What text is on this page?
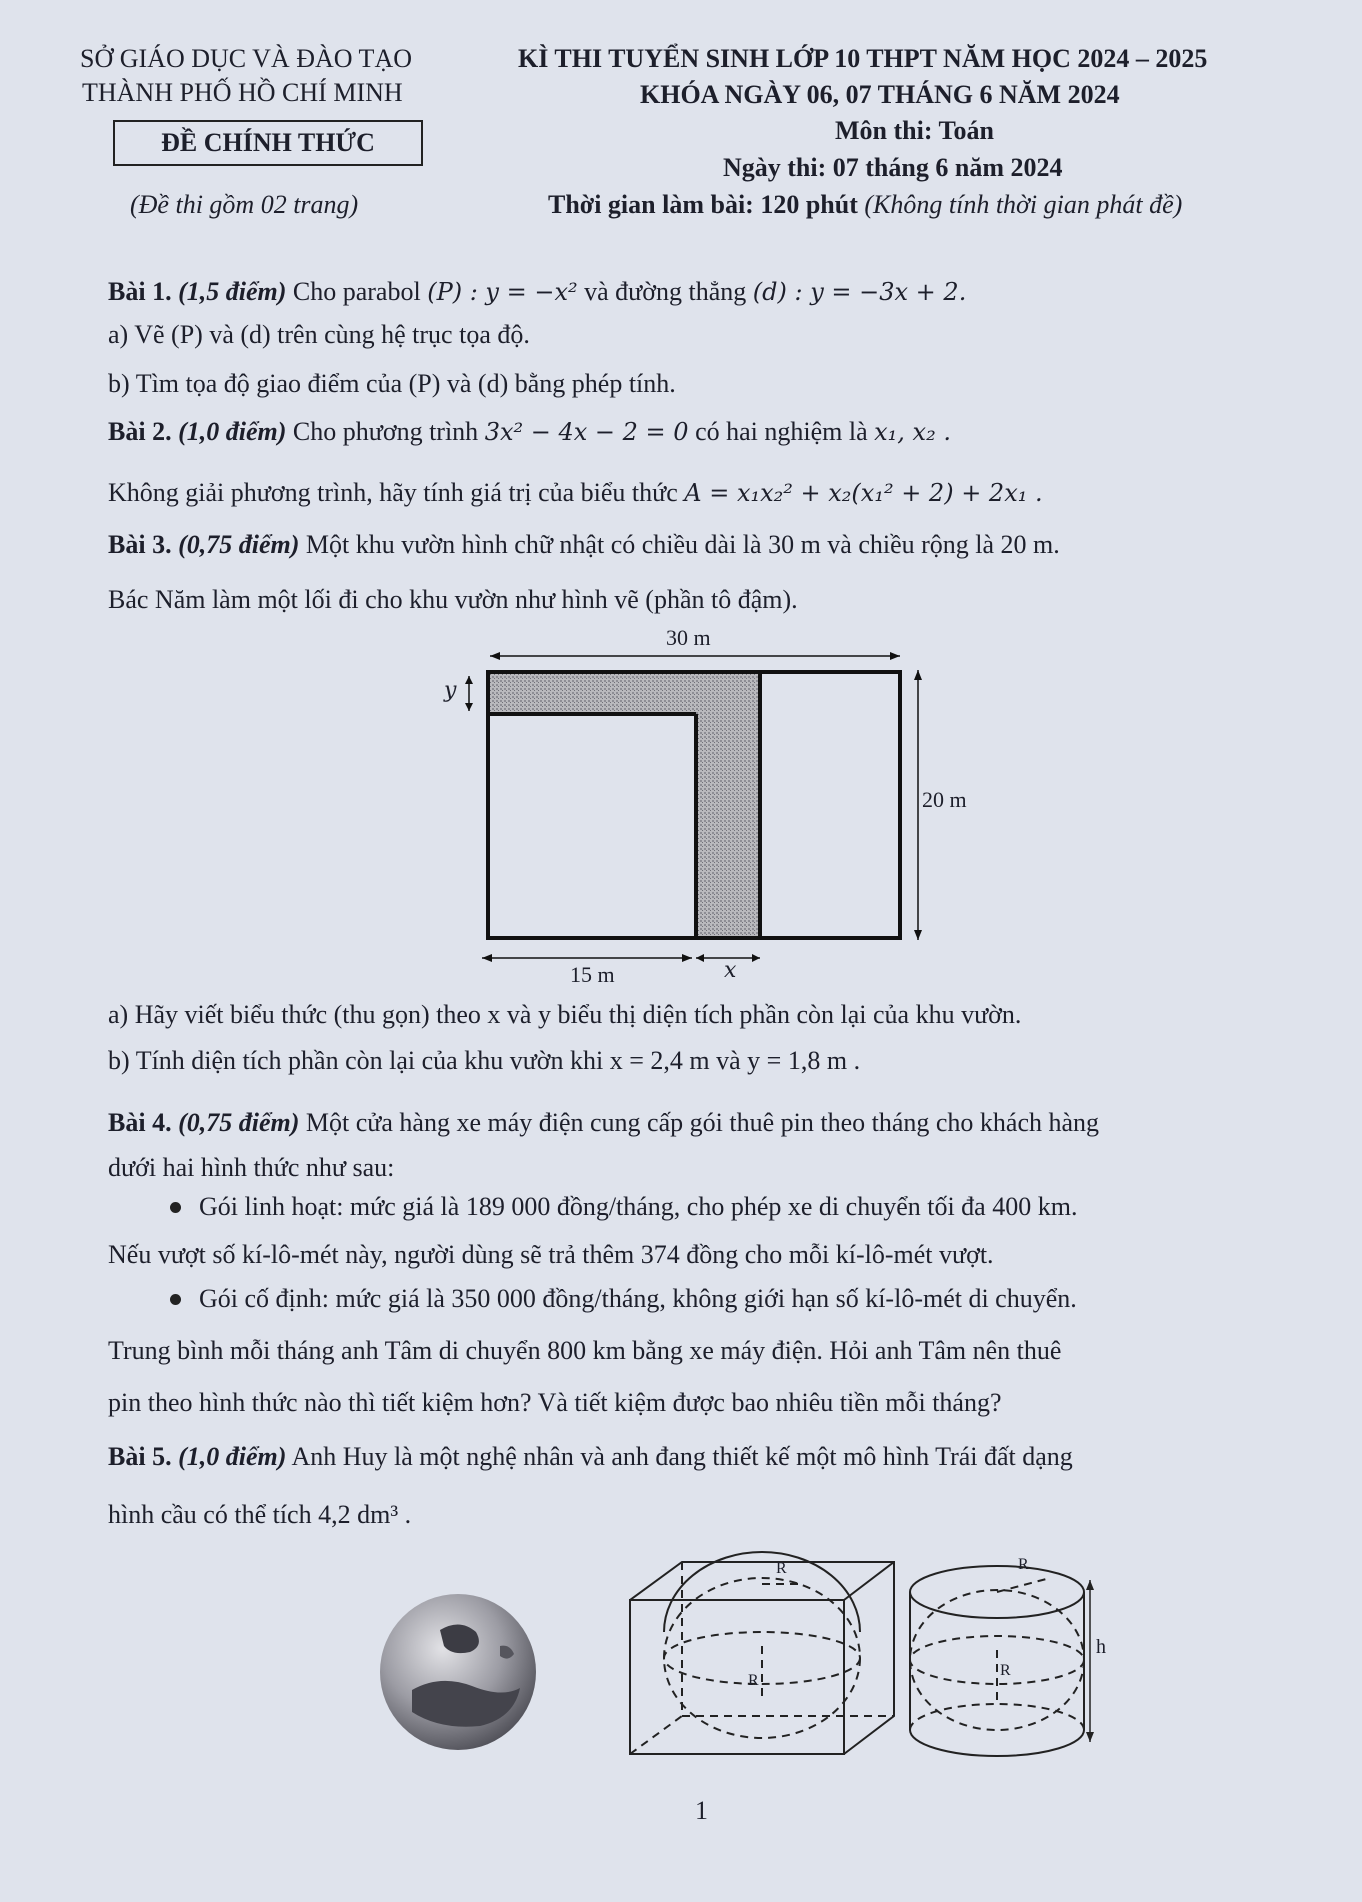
SỞ GIÁO DỤC VÀ ĐÀO TẠO
THÀNH PHỐ HỒ CHÍ MINH
ĐỀ CHÍNH THỨC
(Đề thi gồm 02 trang)
KÌ THI TUYỂN SINH LỚP 10 THPT NĂM HỌC 2024 – 2025
KHÓA NGÀY 06, 07 THÁNG 6 NĂM 2024
Môn thi: Toán
Ngày thi: 07 tháng 6 năm 2024
Thời gian làm bài: 120 phút (Không tính thời gian phát đề)
Bài 1. (1,5 điểm) Cho parabol (P) : y = −x² và đường thẳng (d) : y = −3x + 2.
a) Vẽ (P) và (d) trên cùng hệ trục tọa độ.
b) Tìm tọa độ giao điểm của (P) và (d) bằng phép tính.
Bài 2. (1,0 điểm) Cho phương trình 3x² − 4x − 2 = 0 có hai nghiệm là x₁, x₂ .
Không giải phương trình, hãy tính giá trị của biểu thức A = x₁x₂² + x₂(x₁² + 2) + 2x₁ .
Bài 3. (0,75 điểm) Một khu vườn hình chữ nhật có chiều dài là 30 m và chiều rộng là 20 m.
Bác Năm làm một lối đi cho khu vườn như hình vẽ (phần tô đậm).
30 m
20 m
15 m	x
y
a) Hãy viết biểu thức (thu gọn) theo x và y biểu thị diện tích phần còn lại của khu vườn.
b) Tính diện tích phần còn lại của khu vườn khi x = 2,4 m và y = 1,8 m .
Bài 4. (0,75 điểm) Một cửa hàng xe máy điện cung cấp gói thuê pin theo tháng cho khách hàng
dưới hai hình thức như sau:
Gói linh hoạt: mức giá là 189 000 đồng/tháng, cho phép xe di chuyển tối đa 400 km.
Nếu vượt số kí-lô-mét này, người dùng sẽ trả thêm 374 đồng cho mỗi kí-lô-mét vượt.
Gói cố định: mức giá là 350 000 đồng/tháng, không giới hạn số kí-lô-mét di chuyển.
Trung bình mỗi tháng anh Tâm di chuyển 800 km bằng xe máy điện. Hỏi anh Tâm nên thuê
pin theo hình thức nào thì tiết kiệm hơn? Và tiết kiệm được bao nhiêu tiền mỗi tháng?
Bài 5. (1,0 điểm) Anh Huy là một nghệ nhân và anh đang thiết kế một mô hình Trái đất dạng
hình cầu có thể tích 4,2 dm³ .
R
R
R
R
h
1
